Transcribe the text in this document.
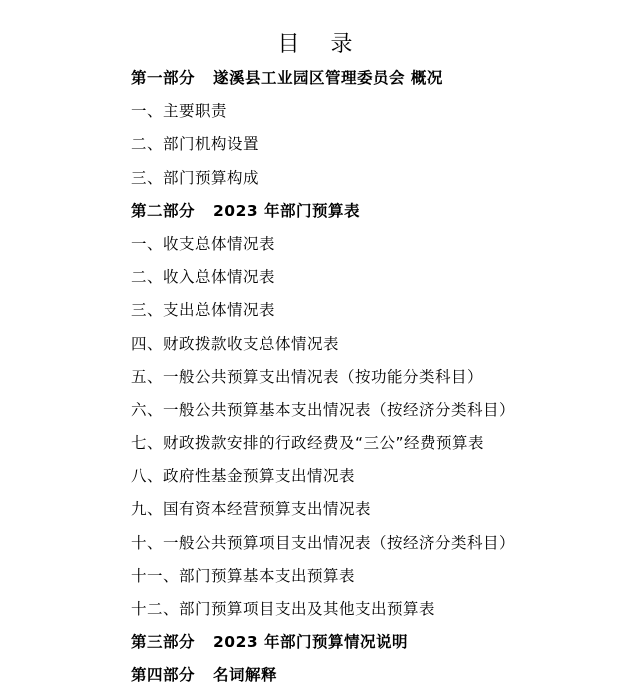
目 录
第一部分 遂溪县工业园区管理委员会 概况
一、主要职责
二、部门机构设置
三、部门预算构成
第二部分 2023 年部门预算表
一、收支总体情况表
二、收入总体情况表
三、支出总体情况表
四、财政拨款收支总体情况表
五、一般公共预算支出情况表（按功能分类科目）
六、一般公共预算基本支出情况表（按经济分类科目）
七、财政拨款安排的行政经费及“三公”经费预算表
八、政府性基金预算支出情况表
九、国有资本经营预算支出情况表
十、一般公共预算项目支出情况表（按经济分类科目）
十一、部门预算基本支出预算表
十二、部门预算项目支出及其他支出预算表
第三部分 2023 年部门预算情况说明
第四部分 名词解释
